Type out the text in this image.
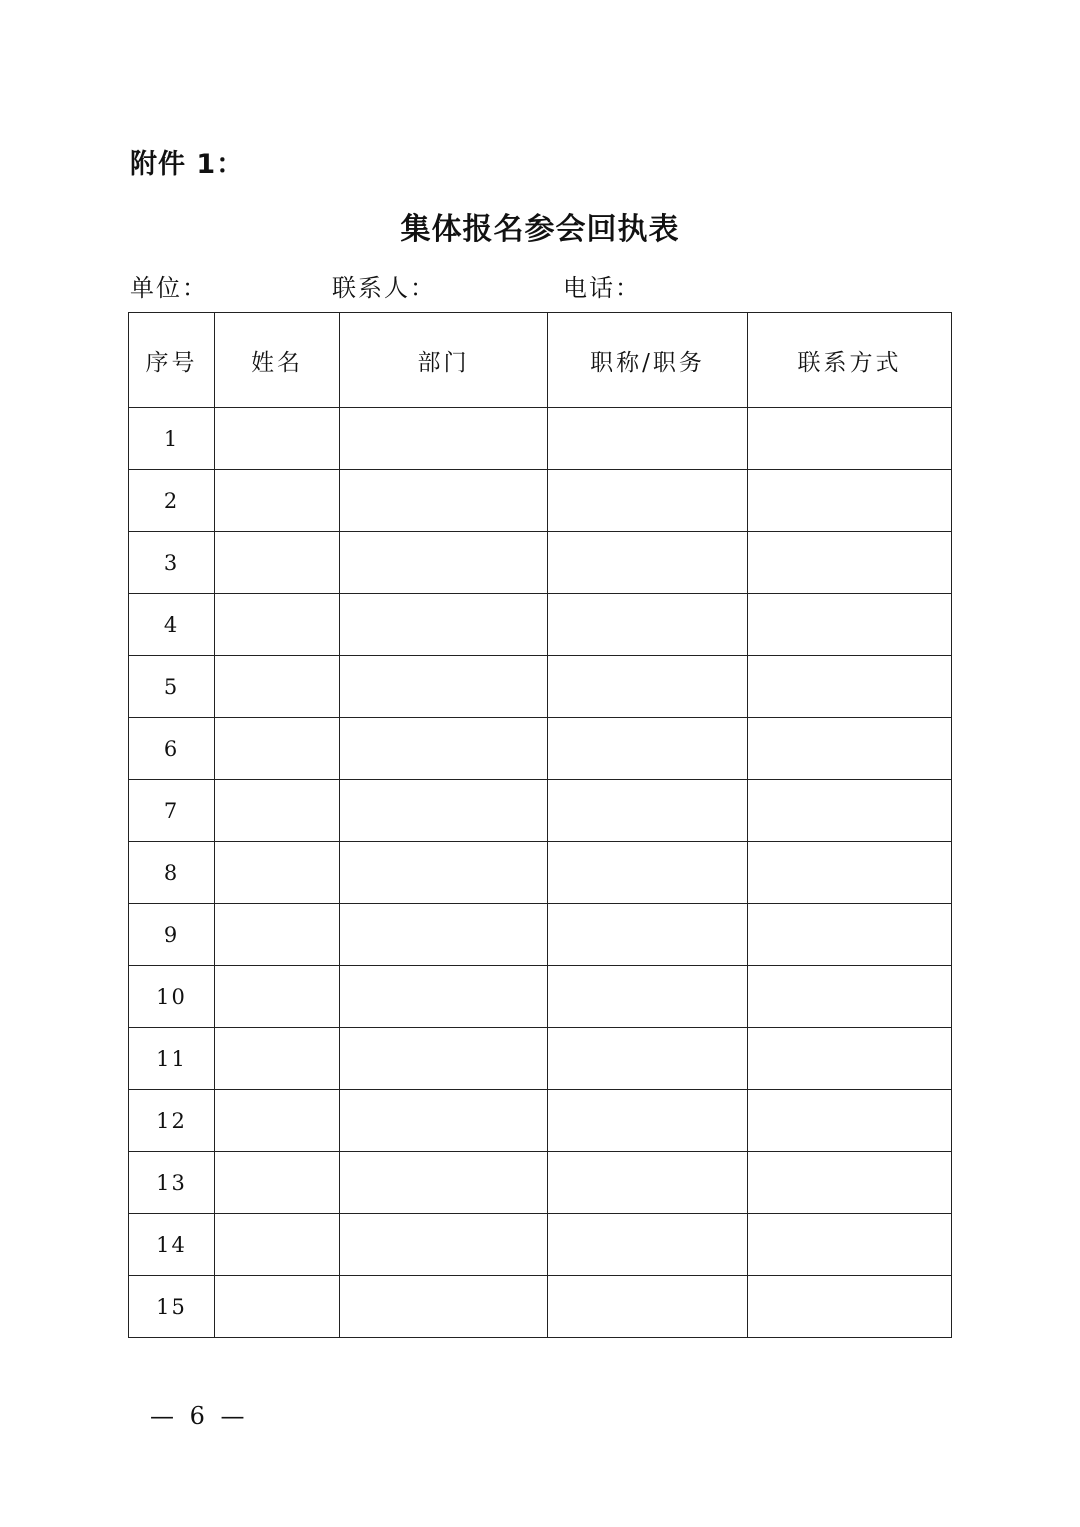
附件 1：
集体报名参会回执表
单位：	联系人：	电话：
序号	姓名	部门	职称/职务	联系方式
1				
2				
3				
4				
5				
6				
7				
8				
9				
10				
11				
12				
13				
14				
15				
— 6 —
